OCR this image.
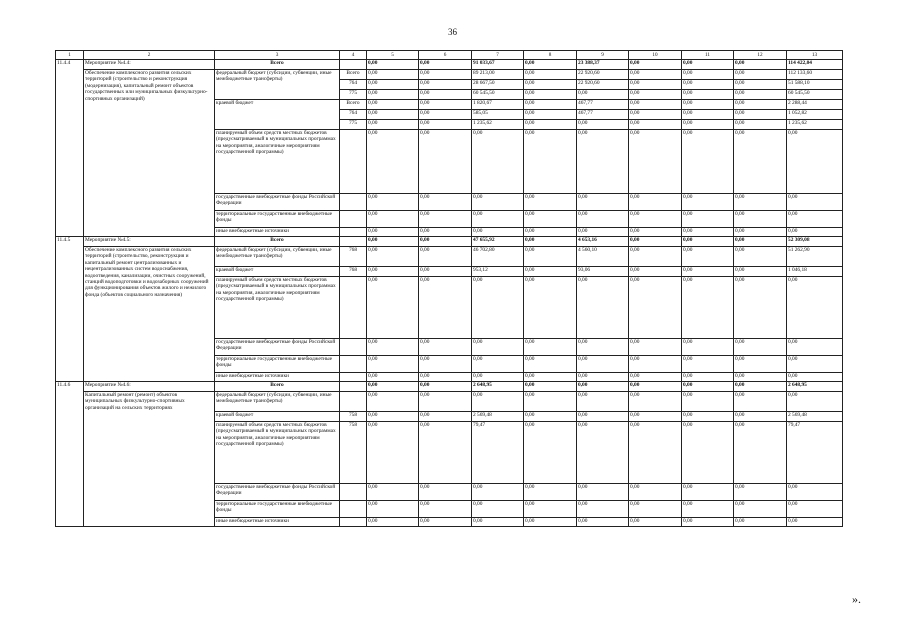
36
1	2	3	4	5	6	7	8	9	10	11	12	13
11.4.4	Мероприятие №4.4:	Всего		0,00	0,00	91 033,67	0,00	23 388,37	0,00	0,00	0,00	114 422,04
	Обеспечение комплексного развития сельских территорий (строительство и реконструкция (модернизация), капитальный ремонт объектов государственных или муниципальных физкультурно-спортивных организаций)	федеральный бюджет (субсидии, субвенции, иные межбюджетные трансферты)	Всего	0,00	0,00	89 213,00	0,00	22 920,60	0,00	0,00	0,00	112 133,60
			764	0,00	0,00	28 667,50	0,00	22 920,60	0,00	0,00	0,00	51 588,10
			775	0,00	0,00	60 545,50	0,00	0,00	0,00	0,00	0,00	60 545,50
		краевой бюджет	Всего	0,00	0,00	1 820,67	0,00	467,77	0,00	0,00	0,00	2 288,44
			764	0,00	0,00	585,05	0,00	467,77	0,00	0,00	0,00	1 052,82
			775	0,00	0,00	1 235,62	0,00	0,00	0,00	0,00	0,00	1 235,62
		планируемый объем средств местных бюджетов (предусматриваемый в муниципальных программах на мероприятия, аналогичные мероприятиям государственной программы)		0,00	0,00	0,00	0,00	0,00	0,00	0,00	0,00	0,00
		государственные внебюджетные фонды Российской Федерации		0,00	0,00	0,00	0,00	0,00	0,00	0,00	0,00	0,00
		территориальные государственные внебюджетные фонды		0,00	0,00	0,00	0,00	0,00	0,00	0,00	0,00	0,00
		иные внебюджетные источники		0,00	0,00	0,00	0,00	0,00	0,00	0,00	0,00	0,00
11.4.5	Мероприятие №4.5:	Всего		0,00	0,00	47 655,92	0,00	4 653,16	0,00	0,00	0,00	52 309,08
	Обеспечение комплексного развития сельских территорий (строительство, реконструкция и капитальный ремонт централизованных и нецентрализованных систем водоснабжения, водоотведения, канализации, очистных сооружений, станций водоподготовки и водозаборных сооружений для функционирования объектов жилого и нежилого фонда (объектов социального назначения)	федеральный бюджет (субсидии, субвенции, иные межбюджетные трансферты)	768	0,00	0,00	46 702,80	0,00	4 560,10	0,00	0,00	0,00	51 262,90
		краевой бюджет	768	0,00	0,00	953,12	0,00	93,06	0,00	0,00	0,00	1 046,18
		планируемый объем средств местных бюджетов (предусматриваемый в муниципальных программах на мероприятия, аналогичные мероприятиям государственной программы)		0,00	0,00	0,00	0,00	0,00	0,00	0,00	0,00	0,00
		государственные внебюджетные фонды Российской Федерации		0,00	0,00	0,00	0,00	0,00	0,00	0,00	0,00	0,00
		территориальные государственные внебюджетные фонды		0,00	0,00	0,00	0,00	0,00	0,00	0,00	0,00	0,00
		иные внебюджетные источники		0,00	0,00	0,00	0,00	0,00	0,00	0,00	0,00	0,00
11.4.6	Мероприятие №4.6:	Всего		0,00	0,00	2 648,95	0,00	0,00	0,00	0,00	0,00	2 648,95
	Капитальный ремонт (ремонт) объектов муниципальных физкультурно-спортивных организаций на сельских территориях	федеральный бюджет (субсидии, субвенции, иные межбюджетные трансферты)		0,00	0,00	0,00	0,00	0,00	0,00	0,00	0,00	0,00
		краевой бюджет	758	0,00	0,00	2 569,48	0,00	0,00	0,00	0,00	0,00	2 569,48
		планируемый объем средств местных бюджетов (предусматриваемый в муниципальных программах на мероприятия, аналогичные мероприятиям государственной программы)	758	0,00	0,00	79,47	0,00	0,00	0,00	0,00	0,00	79,47
		государственные внебюджетные фонды Российской Федерации		0,00	0,00	0,00	0,00	0,00	0,00	0,00	0,00	0,00
		территориальные государственные внебюджетные фонды		0,00	0,00	0,00	0,00	0,00	0,00	0,00	0,00	0,00
		иные внебюджетные источники		0,00	0,00	0,00	0,00	0,00	0,00	0,00	0,00	0,00
».
